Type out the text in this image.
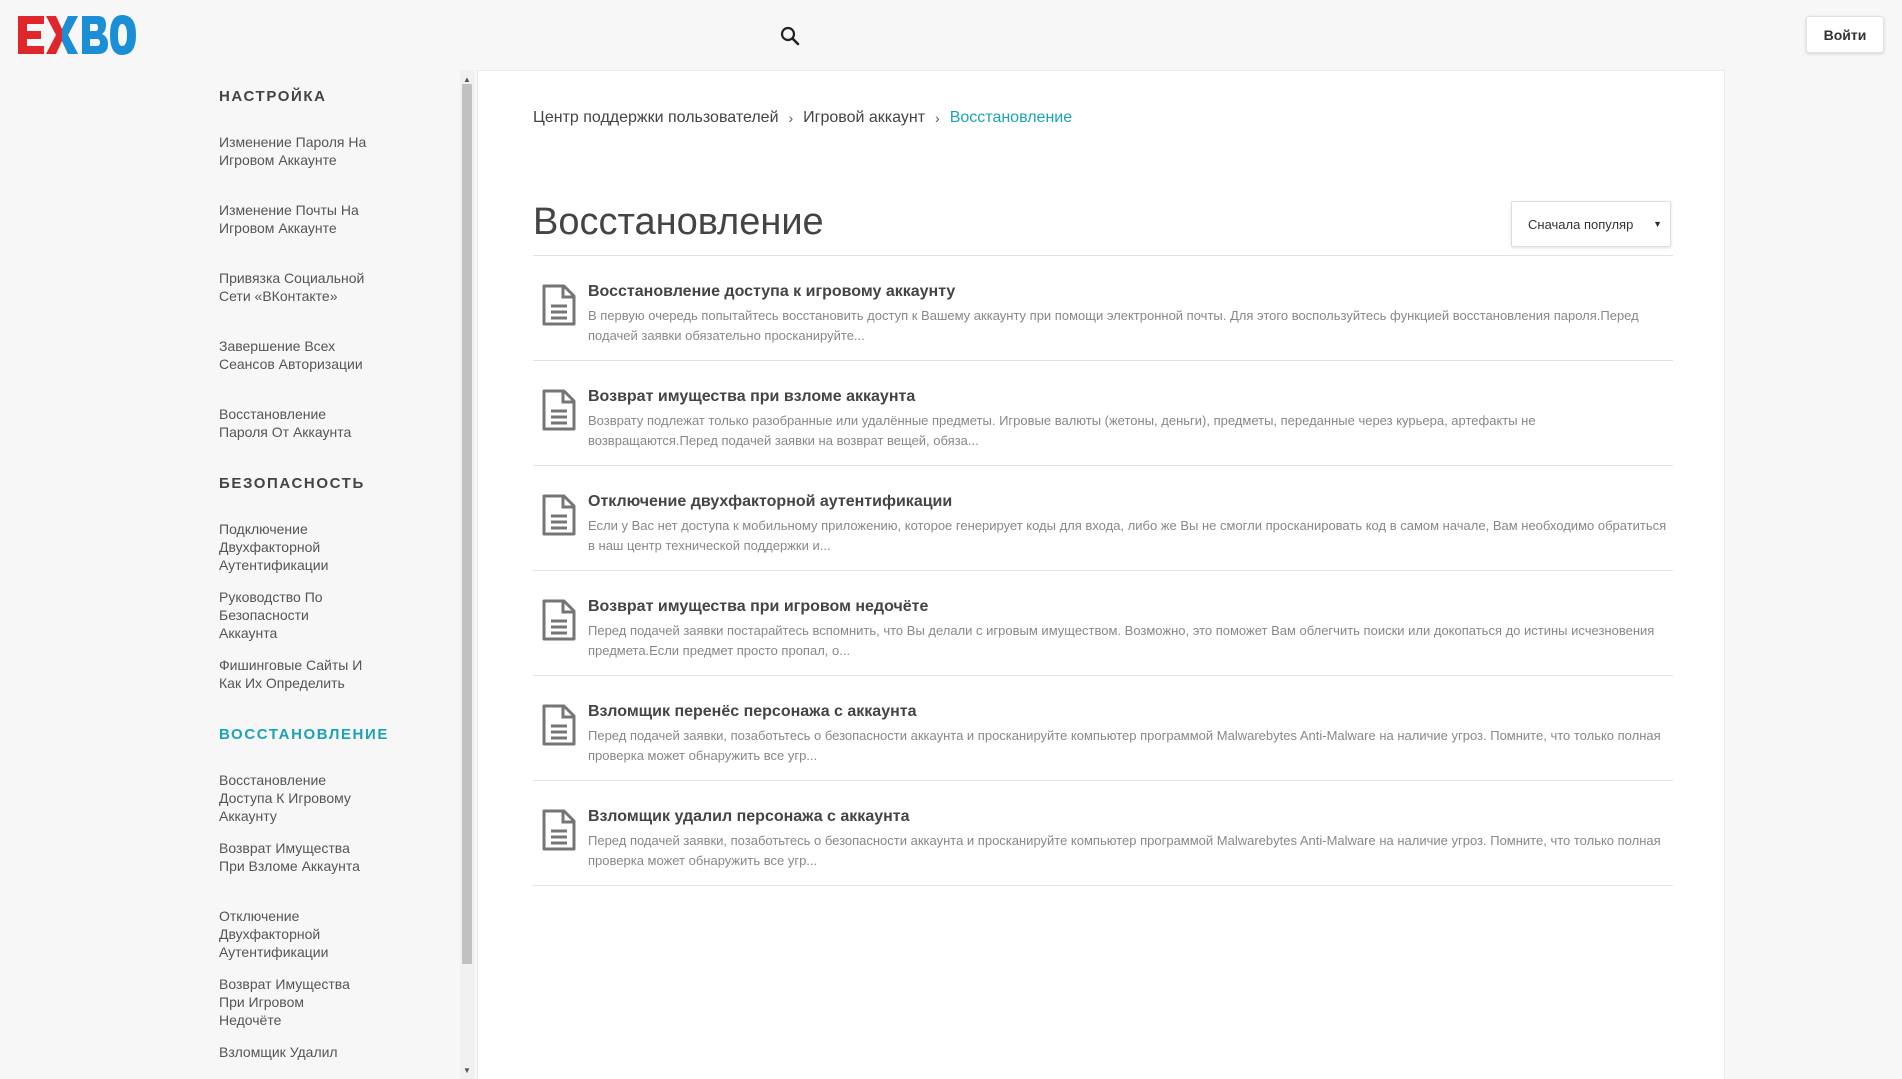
Войти
НАСТРОЙКА
Изменение Пароля На Игровом Аккаунте
Изменение Почты На Игровом Аккаунте
Привязка Социальной Сети «ВКонтакте»
Завершение Всех Сеансов Авторизации
Восстановление Пароля От Аккаунта
БЕЗОПАСНОСТЬ
Подключение Двухфакторной Аутентификации
Руководство По Безопасности Аккаунта
Фишинговые Сайты И Как Их Определить
ВОССТАНОВЛЕНИЕ
Восстановление Доступа К Игровому Аккаунту
Возврат Имущества При Взломе Аккаунта
Отключение Двухфакторной Аутентификации
Возврат Имущества При Игровом Недочёте
Взломщик Удалил
▲
▼
Центр поддержки пользователей › Игровой аккаунт › Восстановление
Восстановление	Сначала популяр ▼
Восстановление доступа к игровому аккаунту
В первую очередь попытайтесь восстановить доступ к Вашему аккаунту при помощи электронной почты. Для этого воспользуйтесь функцией восстановления пароля.Перед подачей заявки обязательно просканируйте...
Возврат имущества при взломе аккаунта
Возврату подлежат только разобранные или удалённые предметы. Игровые валюты (жетоны, деньги), предметы, переданные через курьера, артефакты не возвращаются.Перед подачей заявки на возврат вещей, обяза...
Отключение двухфакторной аутентификации
Если у Вас нет доступа к мобильному приложению, которое генерирует коды для входа, либо же Вы не смогли просканировать код в самом начале, Вам необходимо обратиться в наш центр технической поддержки и...
Возврат имущества при игровом недочёте
Перед подачей заявки постарайтесь вспомнить, что Вы делали с игровым имуществом. Возможно, это поможет Вам облегчить поиски или докопаться до истины исчезновения предмета.Если предмет просто пропал, о...
Взломщик перенёс персонажа с аккаунта
Перед подачей заявки, позаботьтесь о безопасности аккаунта и просканируйте компьютер программой Malwarebytes Anti-Malware на наличие угроз. Помните, что только полная проверка может обнаружить все угр...
Взломщик удалил персонажа с аккаунта
Перед подачей заявки, позаботьтесь о безопасности аккаунта и просканируйте компьютер программой Malwarebytes Anti-Malware на наличие угроз. Помните, что только полная проверка может обнаружить все угр...
